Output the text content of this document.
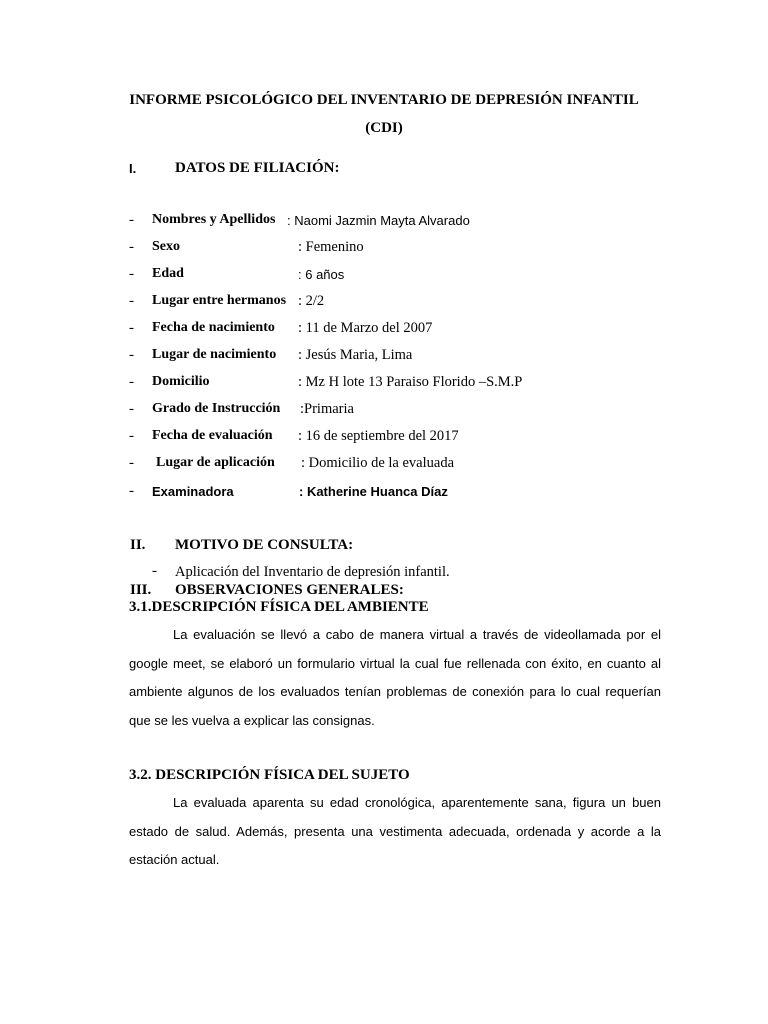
INFORME PSICOLÓGICO DEL INVENTARIO DE DEPRESIÓN INFANTIL
(CDI)
I.	DATOS DE FILIACIÓN:
- Nombres y Apellidos : Naomi Jazmin Mayta Alvarado
- Sexo	: Femenino
- Edad	: 6 años
- Lugar entre hermanos : 2/2
- Fecha de nacimiento : 11 de Marzo del 2007
- Lugar de nacimiento : Jesús Maria, Lima
- Domicilio	: Mz H lote 13 Paraiso Florido –S.M.P
- Grado de Instrucción :Primaria
- Fecha de evaluación : 16 de septiembre del 2017
- Lugar de aplicación : Domicilio de la evaluada
- Examinadora	: Katherine Huanca Díaz
II. MOTIVO DE CONSULTA:
- Aplicación del Inventario de depresión infantil.
III. OBSERVACIONES GENERALES:
3.1.DESCRIPCIÓN FÍSICA DEL AMBIENTE
La evaluación se llevó a cabo de manera virtual a través de videollamada por el google meet, se elaboró un formulario virtual la cual fue rellenada con éxito, en cuanto al ambiente algunos de los evaluados tenían problemas de conexión para lo cual requerían que se les vuelva a explicar las consignas.
3.2. DESCRIPCIÓN FÍSICA DEL SUJETO
La evaluada aparenta su edad cronológica, aparentemente sana, figura un buen estado de salud. Además, presenta una vestimenta adecuada, ordenada y acorde a la estación actual.
